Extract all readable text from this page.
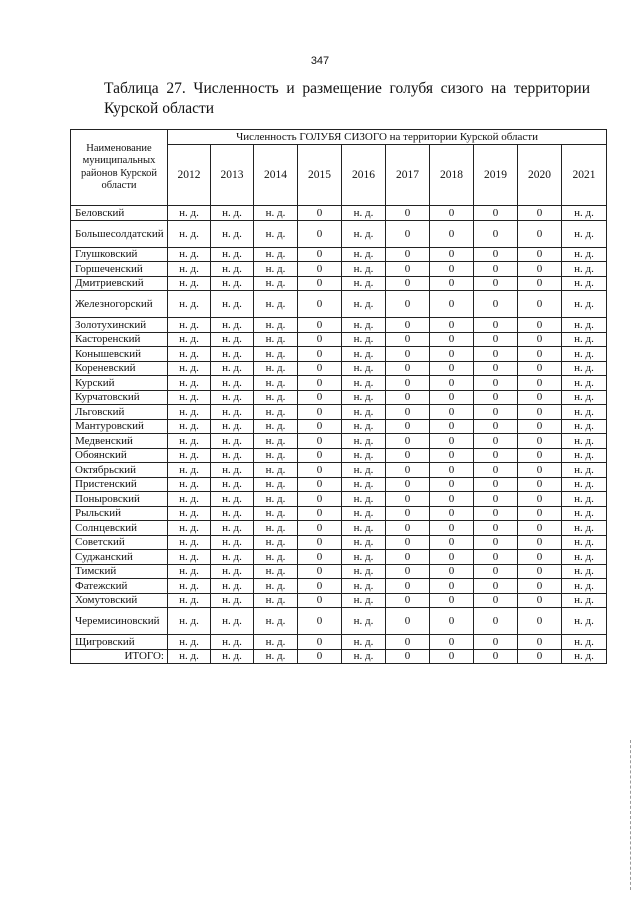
347
Таблица 27. Численность и размещение голубя сизого на территории Курской области
Наименование муниципальных районов Курской области	Численность ГОЛУБЯ СИЗОГО на территории Курской области									
	2012	2013	2014	2015	2016	2017	2018	2019	2020	2021
Беловский	н. д.	н. д.	н. д.	0	н. д.	0	0	0	0	н. д.
Большесолдатский	н. д.	н. д.	н. д.	0	н. д.	0	0	0	0	н. д.
Глушковский	н. д.	н. д.	н. д.	0	н. д.	0	0	0	0	н. д.
Горшеченский	н. д.	н. д.	н. д.	0	н. д.	0	0	0	0	н. д.
Дмитриевский	н. д.	н. д.	н. д.	0	н. д.	0	0	0	0	н. д.
Железногорский	н. д.	н. д.	н. д.	0	н. д.	0	0	0	0	н. д.
Золотухинский	н. д.	н. д.	н. д.	0	н. д.	0	0	0	0	н. д.
Касторенский	н. д.	н. д.	н. д.	0	н. д.	0	0	0	0	н. д.
Конышевский	н. д.	н. д.	н. д.	0	н. д.	0	0	0	0	н. д.
Кореневский	н. д.	н. д.	н. д.	0	н. д.	0	0	0	0	н. д.
Курский	н. д.	н. д.	н. д.	0	н. д.	0	0	0	0	н. д.
Курчатовский	н. д.	н. д.	н. д.	0	н. д.	0	0	0	0	н. д.
Льговский	н. д.	н. д.	н. д.	0	н. д.	0	0	0	0	н. д.
Мантуровский	н. д.	н. д.	н. д.	0	н. д.	0	0	0	0	н. д.
Медвенский	н. д.	н. д.	н. д.	0	н. д.	0	0	0	0	н. д.
Обоянский	н. д.	н. д.	н. д.	0	н. д.	0	0	0	0	н. д.
Октябрьский	н. д.	н. д.	н. д.	0	н. д.	0	0	0	0	н. д.
Пристенский	н. д.	н. д.	н. д.	0	н. д.	0	0	0	0	н. д.
Поныровский	н. д.	н. д.	н. д.	0	н. д.	0	0	0	0	н. д.
Рыльский	н. д.	н. д.	н. д.	0	н. д.	0	0	0	0	н. д.
Солнцевский	н. д.	н. д.	н. д.	0	н. д.	0	0	0	0	н. д.
Советский	н. д.	н. д.	н. д.	0	н. д.	0	0	0	0	н. д.
Суджанский	н. д.	н. д.	н. д.	0	н. д.	0	0	0	0	н. д.
Тимский	н. д.	н. д.	н. д.	0	н. д.	0	0	0	0	н. д.
Фатежский	н. д.	н. д.	н. д.	0	н. д.	0	0	0	0	н. д.
Хомутовский	н. д.	н. д.	н. д.	0	н. д.	0	0	0	0	н. д.
Черемисиновский	н. д.	н. д.	н. д.	0	н. д.	0	0	0	0	н. д.
Щигровский	н. д.	н. д.	н. д.	0	н. д.	0	0	0	0	н. д.
ИТОГО:	н. д.	н. д.	н. д.	0	н. д.	0	0	0	0	н. д.
